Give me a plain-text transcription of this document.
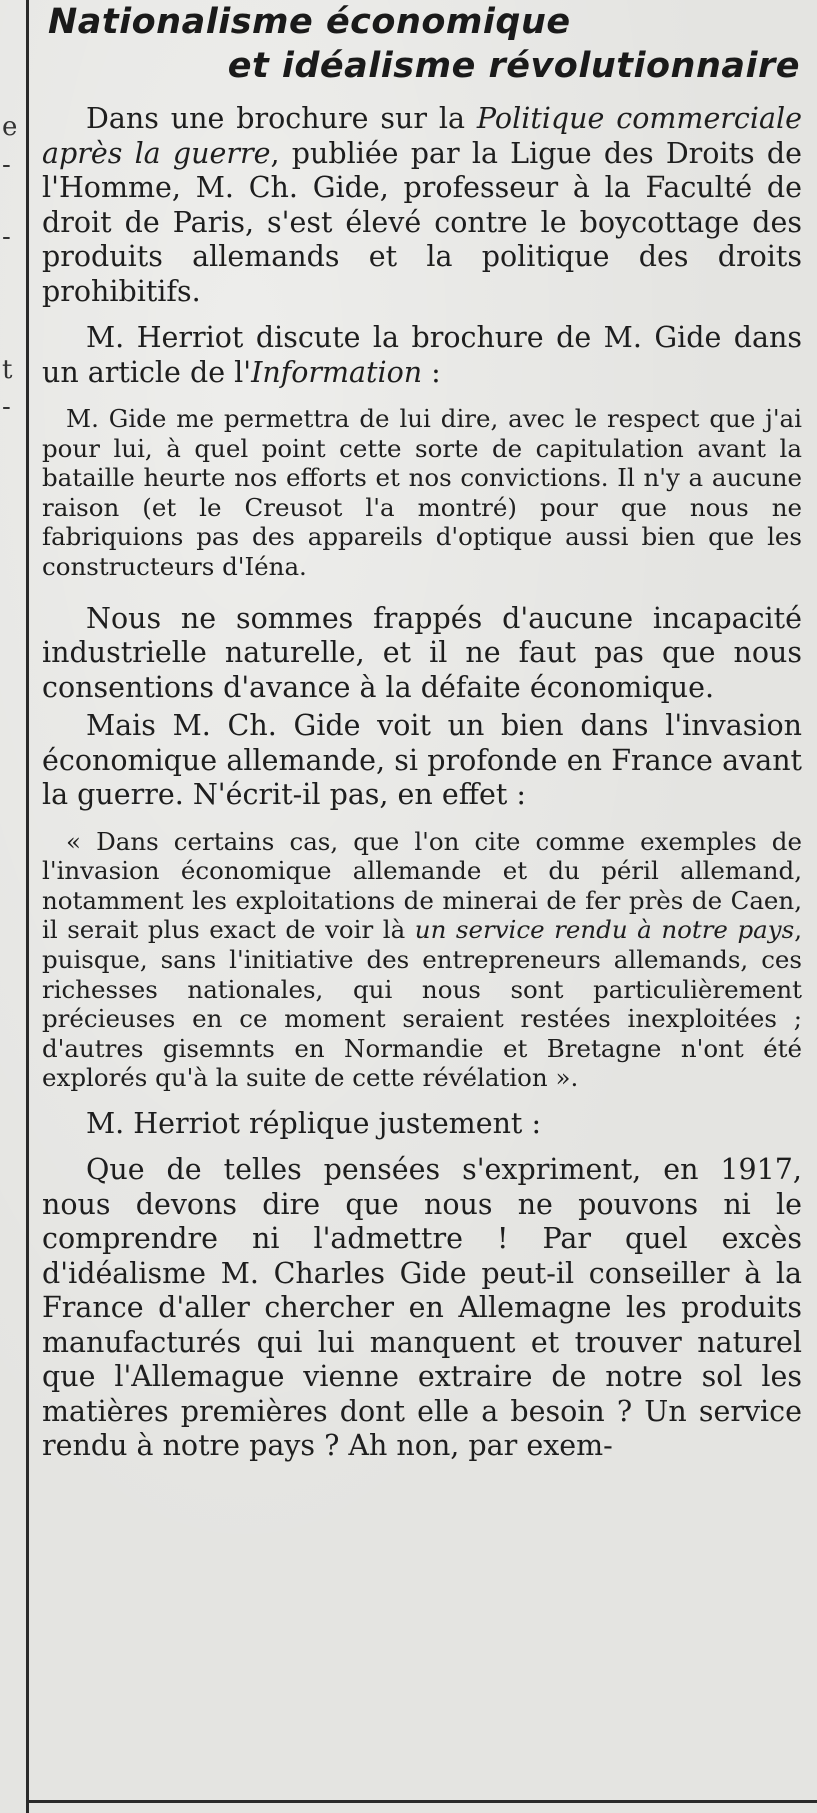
e
-
-
t
-
Nationalisme économique
et idéalisme révolutionnaire

Dans une brochure sur la Politique commerciale après la guerre, publiée par la Ligue des Droits de l'Homme, M. Ch. Gide, professeur à la Faculté de droit de Paris, s'est élevé contre le boycottage des produits allemands et la politique des droits prohibitifs.

M. Herriot discute la brochure de M. Gide dans un article de l'Information :

M. Gide me permettra de lui dire, avec le respect que j'ai pour lui, à quel point cette sorte de capitulation avant la bataille heurte nos efforts et nos convictions. Il n'y a aucune raison (et le Creusot l'a montré) pour que nous ne fabriquions pas des appareils d'optique aussi bien que les constructeurs d'Iéna.

Nous ne sommes frappés d'aucune incapacité industrielle naturelle, et il ne faut pas que nous consentions d'avance à la défaite économique.

Mais M. Ch. Gide voit un bien dans l'invasion économique allemande, si profonde en France avant la guerre. N'écrit-il pas, en effet :

« Dans certains cas, que l'on cite comme exemples de l'invasion économique allemande et du péril allemand, notamment les exploitations de minerai de fer près de Caen, il serait plus exact de voir là un service rendu à notre pays, puisque, sans l'initiative des entrepreneurs allemands, ces richesses nationales, qui nous sont particulièrement précieuses en ce moment seraient restées inexploitées ; d'autres gisemnts en Normandie et Bretagne n'ont été explorés qu'à la suite de cette révélation ».

M. Herriot réplique justement :

Que de telles pensées s'expriment, en 1917, nous devons dire que nous ne pouvons ni le comprendre ni l'admettre ! Par quel excès d'idéalisme M. Charles Gide peut-il conseiller à la France d'aller chercher en Allemagne les produits manufacturés qui lui manquent et trouver naturel que l'Allemague vienne extraire de notre sol les matières premières dont elle a besoin ? Un service rendu à notre pays ? Ah non, par exem-
